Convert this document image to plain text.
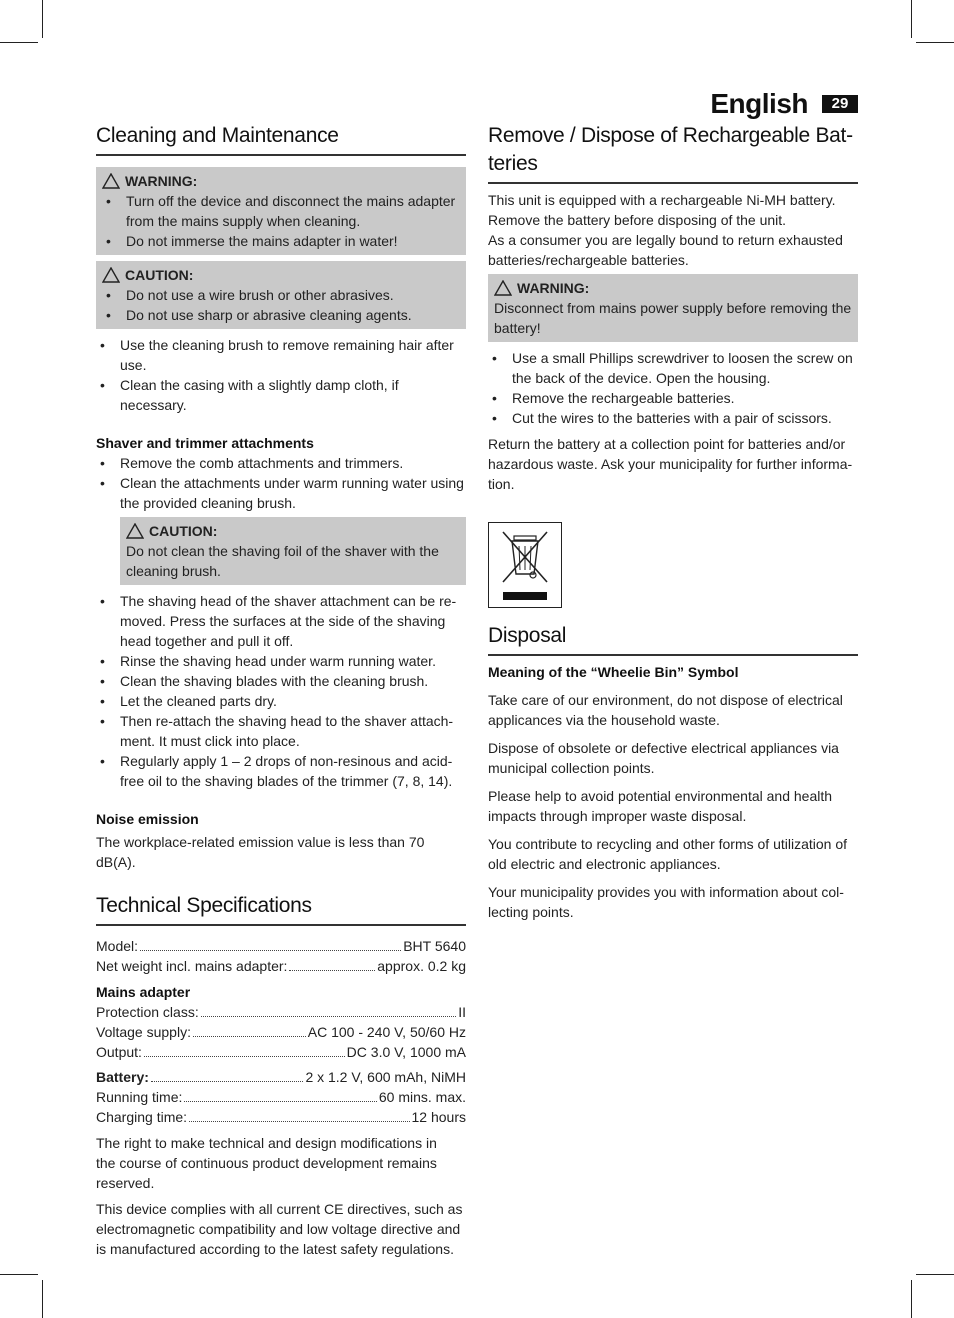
English	29
Cleaning and Maintenance
WARNING:
• Turn off the device and disconnect the mains adapter from the mains supply when cleaning.
• Do not immerse the mains adapter in water!
CAUTION:
• Do not use a wire brush or other abrasives.
• Do not use sharp or abrasive cleaning agents.
• Use the cleaning brush to remove remaining hair after use.
• Clean the casing with a slightly damp cloth, if necessary.
Shaver and trimmer attachments
• Remove the comb attachments and trimmers.
• Clean the attachments under warm running water using the provided cleaning brush.
CAUTION:

Do not clean the shaving foil of the shaver with the cleaning brush.

• The shaving head of the shaver attachment can be re-moved. Press the surfaces at the side of the shaving head together and pull it off.
• Rinse the shaving head under warm running water.
• Clean the shaving blades with the cleaning brush.
• Let the cleaned parts dry.
• Then re-attach the shaving head to the shaver attach-ment. It must click into place.
• Regularly apply 1 – 2 drops of non-resinous and acid-free oil to the shaving blades of the trimmer (7, 8, 14).
Noise emission

The workplace-related emission value is less than 70 dB(A).

Technical Specifications
Model:	BHT 5640
Net weight incl. mains adapter:	approx. 0.2 kg
Mains adapter
Protection class:	II
Voltage supply:	AC 100 - 240 V, 50/60 Hz
Output:	DC 3.0 V, 1000 mA
Battery:	2 x 1.2 V, 600 mAh, NiMH
Running time:	60 mins. max.
Charging time:	12 hours

The right to make technical and design modifications in the course of continuous product development remains reserved.

This device complies with all current CE directives, such as electromagnetic compatibility and low voltage directive and is manufactured according to the latest safety regulations.

Remove / Dispose of Rechargeable Bat-teries

This unit is equipped with a rechargeable Ni-MH battery. Remove the battery before disposing of the unit.

As a consumer you are legally bound to return exhausted batteries/rechargeable batteries.

WARNING:

Disconnect from mains power supply before removing the battery!

• Use a small Phillips screwdriver to loosen the screw on the back of the device. Open the housing.
• Remove the rechargeable batteries.
• Cut the wires to the batteries with a pair of scissors.

Return the battery at a collection point for batteries and/or hazardous waste. Ask your municipality for further informa-tion.

Disposal
Meaning of the “Wheelie Bin” Symbol

Take care of our environment, do not dispose of electrical applicances via the household waste.

Dispose of obsolete or defective electrical appliances via municipal collection points.

Please help to avoid potential environmental and health impacts through improper waste disposal.

You contribute to recycling and other forms of utilization of old electric and electronic appliances.

Your municipality provides you with information about col-lecting points.
